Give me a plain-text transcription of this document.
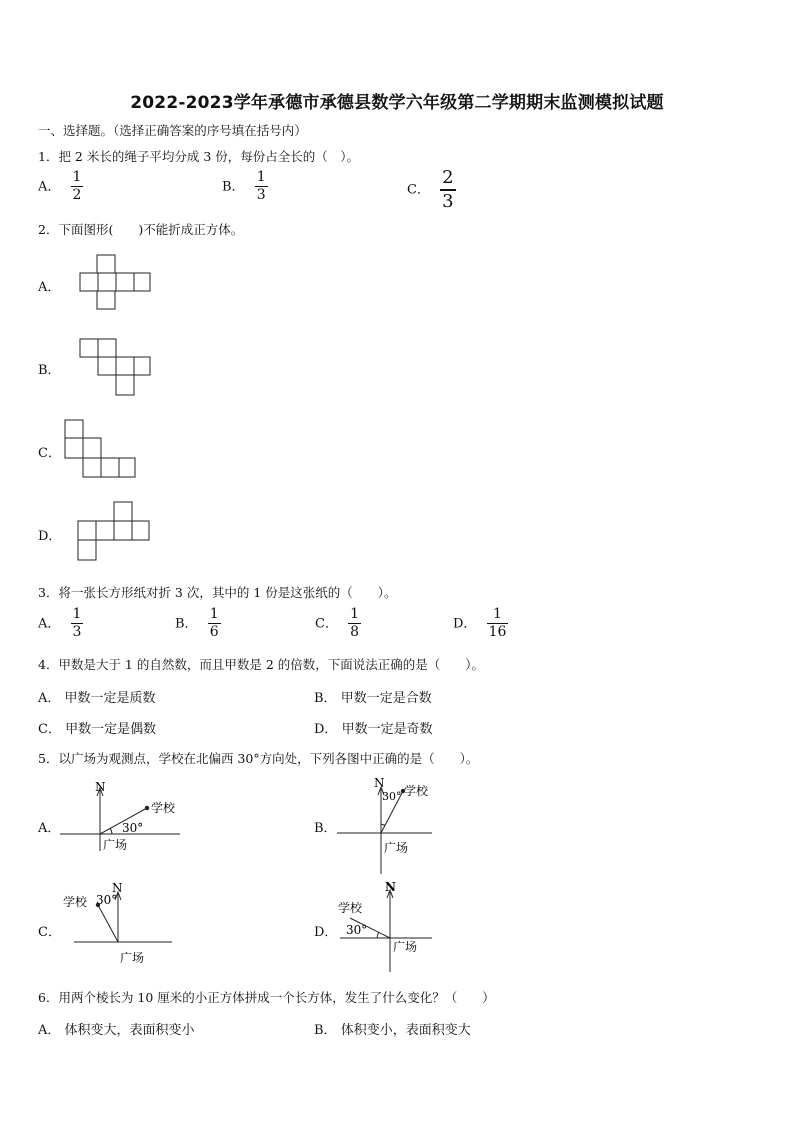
2022-2023学年承德市承德县数学六年级第二学期期末监测模拟试题
一、选择题。（选择正确答案的序号填在括号内）
1．把 2 米长的绳子平均分成 3 份，每份占全长的（　）。
A． $\frac{1}{2}$	B． $\frac{1}{3}$	C． $\frac{2}{3}$
2．下面图形(　　)不能折成正方体。
A．
B．
C．
D．
3．将一张长方形纸对折 3 次，其中的 1 份是这张纸的（　　）。
A． $\frac{1}{3}$	B． $\frac{1}{6}$	C． $\frac{1}{8}$	D． $\frac{1}{16}$
4．甲数是大于 1 的自然数，而且甲数是 2 的倍数，下面说法正确的是（　　）。
A． 甲数一定是质数	B． 甲数一定是合数
C． 甲数一定是偶数	D． 甲数一定是奇数
5．以广场为观测点，学校在北偏西 30°方向处，下列各图中正确的是（　　）。
A．
N
学校
30°
广场
B．
N
30° 学校
广场
C．
N
学校 30°
广场
D．
N
学校
30°
广场
6．用两个棱长为 10 厘米的小正方体拼成一个长方体，发生了什么变化？（　　）
A． 体积变大，表面积变小	B． 体积变小，表面积变大
